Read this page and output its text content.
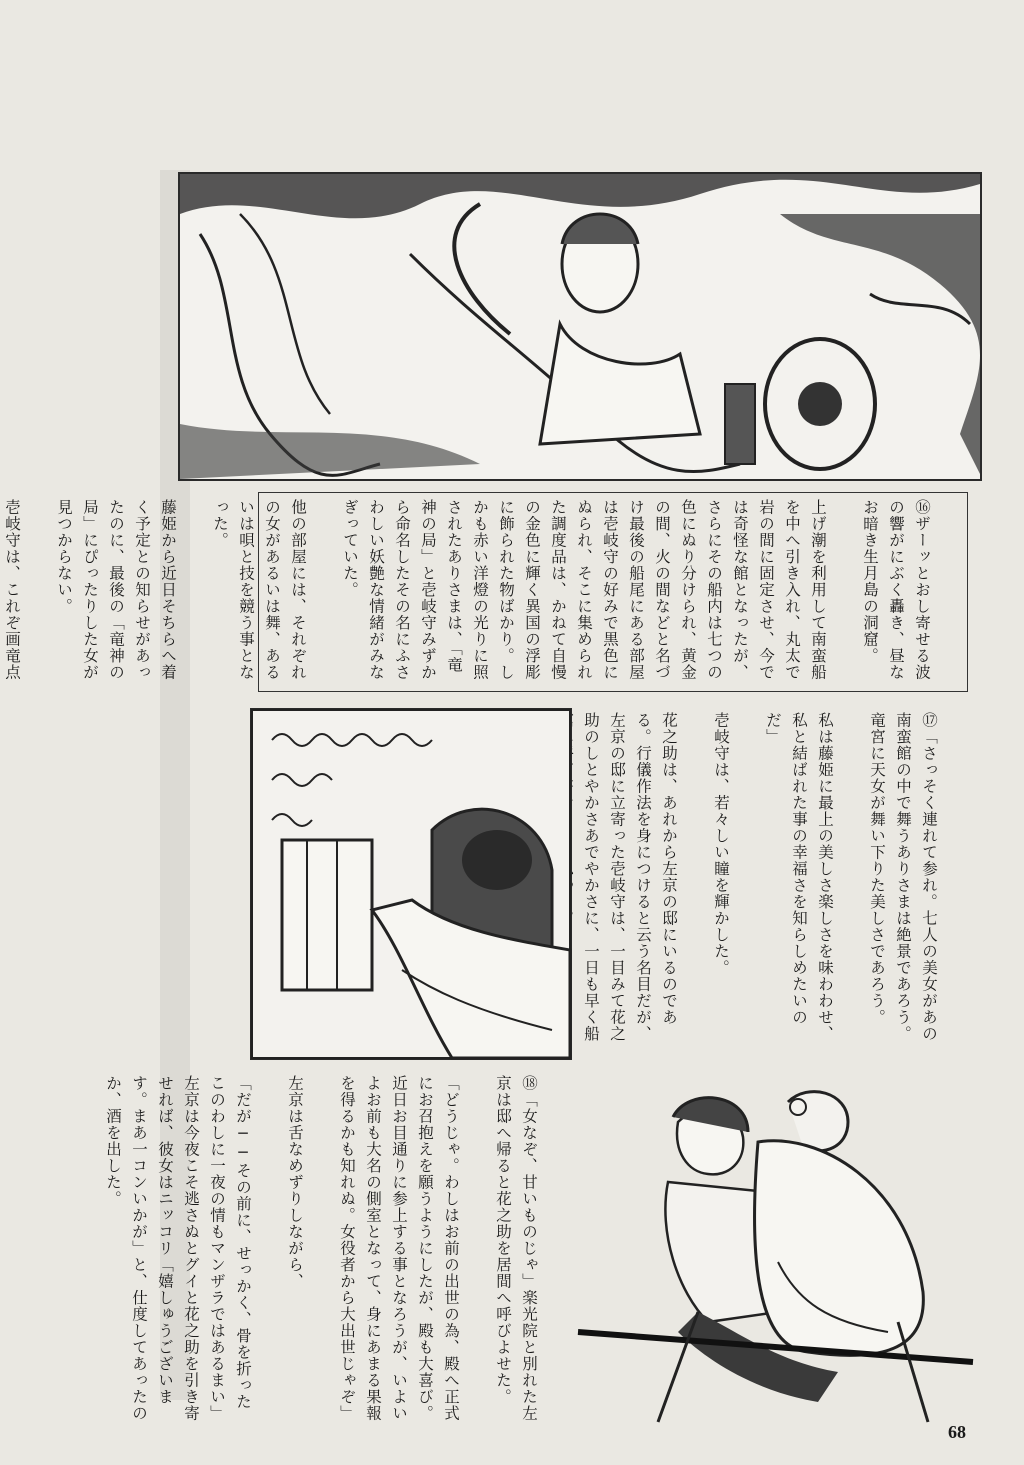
⑯ザーッとおし寄せる波の響がにぶく轟き、昼なお暗き生月島の洞窟。

上げ潮を利用して南蛮船を中へ引き入れ、丸太で岩の間に固定させ、今では奇怪な館となったが、さらにその船内は七つの色にぬり分けられ、黄金の間、火の間などと名づけ最後の船尾にある部屋は壱岐守の好みで黒色にぬられ、そこに集められた調度品は、かねて自慢の金色に輝く異国の浮彫に飾られた物ばかり。しかも赤い洋燈の光りに照されたありさまは、「竜神の局」と壱岐守みずから命名したその名にふさわしい妖艶な情緒がみなぎっていた。

他の部屋には、それぞれの女があるいは舞、あるいは唄と技を競う事となった。

藤姫から近日そちらへ着く予定との知らせがあったのに、最後の「竜神の局」にぴったりした女が見つからない。

壱岐守は、これぞ画竜点

⑰「さっそく連れて参れ。七人の美女があの南蛮館の中で舞うありさまは絶景であろう。竜宮に天女が舞い下りた美しさであろう。

私は藤姫に最上の美しさ楽しさを味わわせ、私と結ばれた事の幸福さを知らしめたいのだ」

壱岐守は、若々しい瞳を輝かした。

花之助は、あれから左京の邸にいるのである。行儀作法を身につけると云う名目だが、左京の邸に立寄った壱岐守は、一目みて花之助のしとやかさあでやかさに、一日も早く船

⑱「女なぞ、甘いものじゃ」楽光院と別れた左京は邸へ帰ると花之助を居間へ呼びよせた。

「どうじゃ。わしはお前の出世の為、殿へ正式にお召抱えを願うようにしたが、殿も大喜び。近日お目通りに参上する事となろうが、いよいよお前も大名の側室となって、身にあまる果報を得るかも知れぬ。女役者から大出世じゃぞ」

左京は舌なめずりしながら、

「だが──その前に、せっかく、骨を折ったこのわしに一夜の情もマンザラではあるまい」左京は今夜こそ逃さぬとグイと花之助を引き寄せれば、彼女はニッコリ「嬉しゅうございます。まあ一コンいかが」と、仕度してあったのか、酒を出した。

68
